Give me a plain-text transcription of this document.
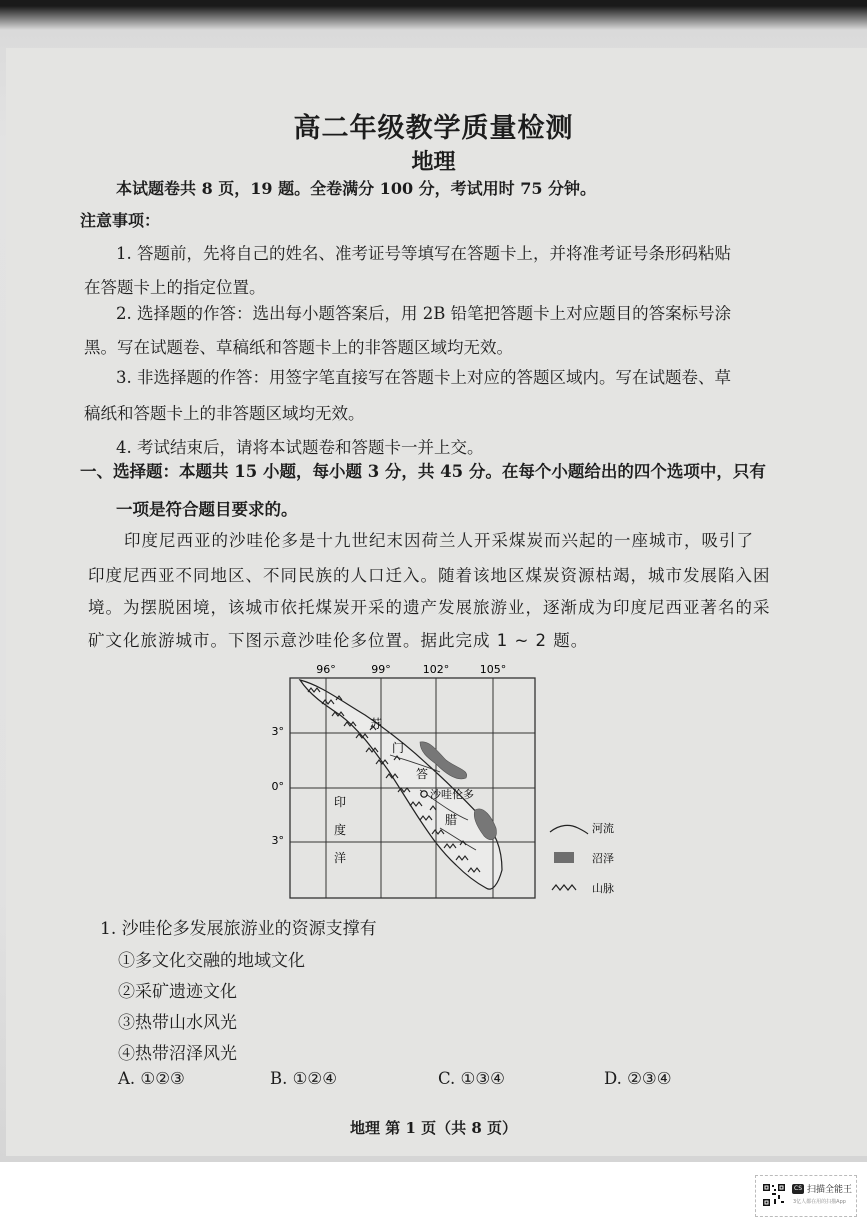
高二年级教学质量检测
地理
本试题卷共 8 页，19 题。全卷满分 100 分，考试用时 75 分钟。
注意事项：
1. 答题前，先将自己的姓名、准考证号等填写在答题卡上，并将准考证号条形码粘贴
在答题卡上的指定位置。
2. 选择题的作答：选出每小题答案后，用 2B 铅笔把答题卡上对应题目的答案标号涂
黑。写在试题卷、草稿纸和答题卡上的非答题区域均无效。
3. 非选择题的作答：用签字笔直接写在答题卡上对应的答题区域内。写在试题卷、草
稿纸和答题卡上的非答题区域均无效。
4. 考试结束后，请将本试题卷和答题卡一并上交。
一、选择题：本题共 15 小题，每小题 3 分，共 45 分。在每个小题给出的四个选项中，只有
一项是符合题目要求的。
印度尼西亚的沙哇伦多是十九世纪末因荷兰人开采煤炭而兴起的一座城市，吸引了
印度尼西亚不同地区、不同民族的人口迁入。随着该地区煤炭资源枯竭，城市发展陷入困
境。为摆脱困境，该城市依托煤炭开采的遗产发展旅游业，逐渐成为印度尼西亚著名的采
矿文化旅游城市。下图示意沙哇伦多位置。据此完成 1 ~ 2 题。
96°	99°	102°	105°
3°
0°
3°
苏
门
答
腊
沙哇伦多
印
度
洋
河流
沼泽
山脉
1. 沙哇伦多发展旅游业的资源支撑有
①多文化交融的地域文化
②采矿遗迹文化
③热带山水风光
④热带沼泽风光
A. ①②③	B. ①②④	C. ①③④	D. ②③④
地理 第 1 页（共 8 页）
CS 扫描全能王
3亿人都在用的扫描App
